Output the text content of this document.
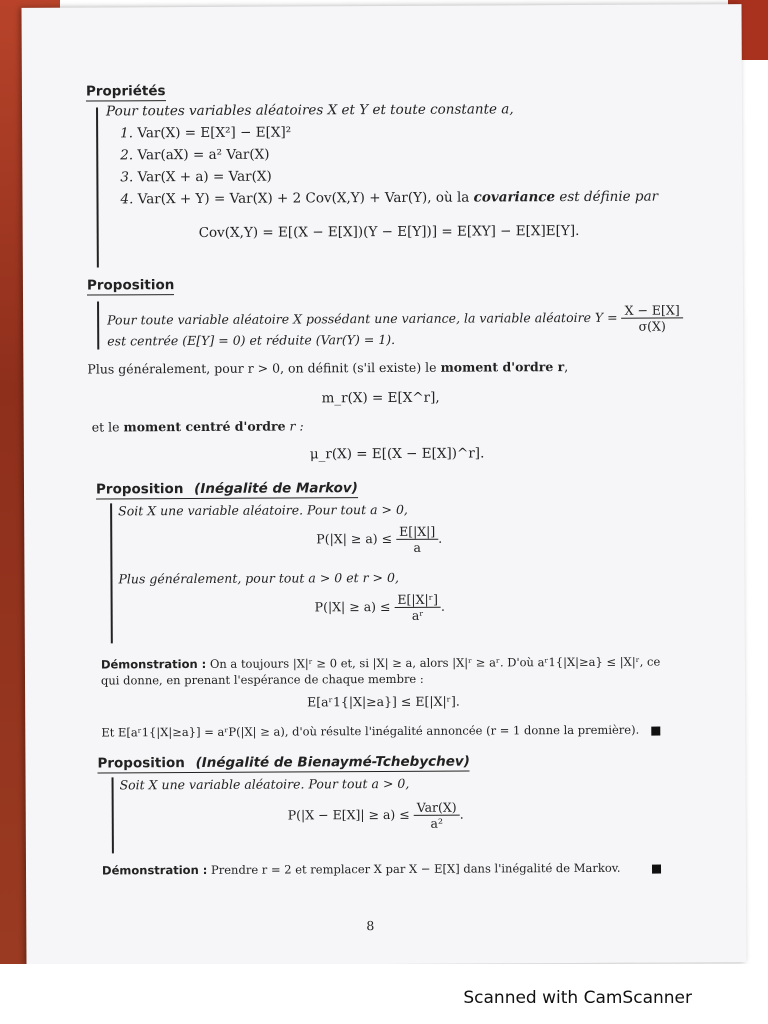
Propriétés
Pour toutes variables aléatoires X et Y et toute constante a,
1. Var(X) = E[X²] − E[X]²
2. Var(aX) = a² Var(X)
3. Var(X + a) = Var(X)
4. Var(X + Y) = Var(X) + 2 Cov(X,Y) + Var(Y), où la covariance est définie par
Cov(X,Y) = E[(X − E[X])(Y − E[Y])] = E[XY] − E[X]E[Y].
Proposition
Pour toute variable aléatoire X possédant une variance, la variable aléatoire $Y = \frac{X - E[X]}{\sigma(X)}$
est centrée (E[Y] = 0) et réduite (Var(Y) = 1).
Plus généralement, pour r > 0, on définit (s'il existe) le moment d'ordre r,
m_r(X) = E[X^r],
et le moment centré d'ordre r :
μ_r(X) = E[(X − E[X])^r].
Proposition (Inégalité de Markov)
Soit X une variable aléatoire. Pour tout a > 0,
$P(|X| \ge a) \le \frac{E[|X|]}{a}$ .
Plus généralement, pour tout a > 0 et r > 0,
$P(|X| \ge a) \le \frac{\text{E[|X|ʳ]}}{\text{aʳ}}$ .
Démonstration : On a toujours |X|ʳ ≥ 0 et, si |X| ≥ a, alors |X|ʳ ≥ aʳ. D'où aʳ1{|X|≥a} ≤ |X|ʳ, ce
qui donne, en prenant l'espérance de chaque membre :
E[aʳ1{|X|≥a}] ≤ E[|X|ʳ].
Et E[aʳ1{|X|≥a}] = aʳP(|X| ≥ a), d'où résulte l'inégalité annoncée (r = 1 donne la première).
Proposition (Inégalité de Bienaymé-Tchebychev)
Soit X une variable aléatoire. Pour tout a > 0,
$P(|X - E[X]| \ge a) \le \frac{\text{Var(X)}}{\text{a²}}$ .
Démonstration : Prendre r = 2 et remplacer X par X − E[X] dans l'inégalité de Markov.
8
Scanned with CamScanner
